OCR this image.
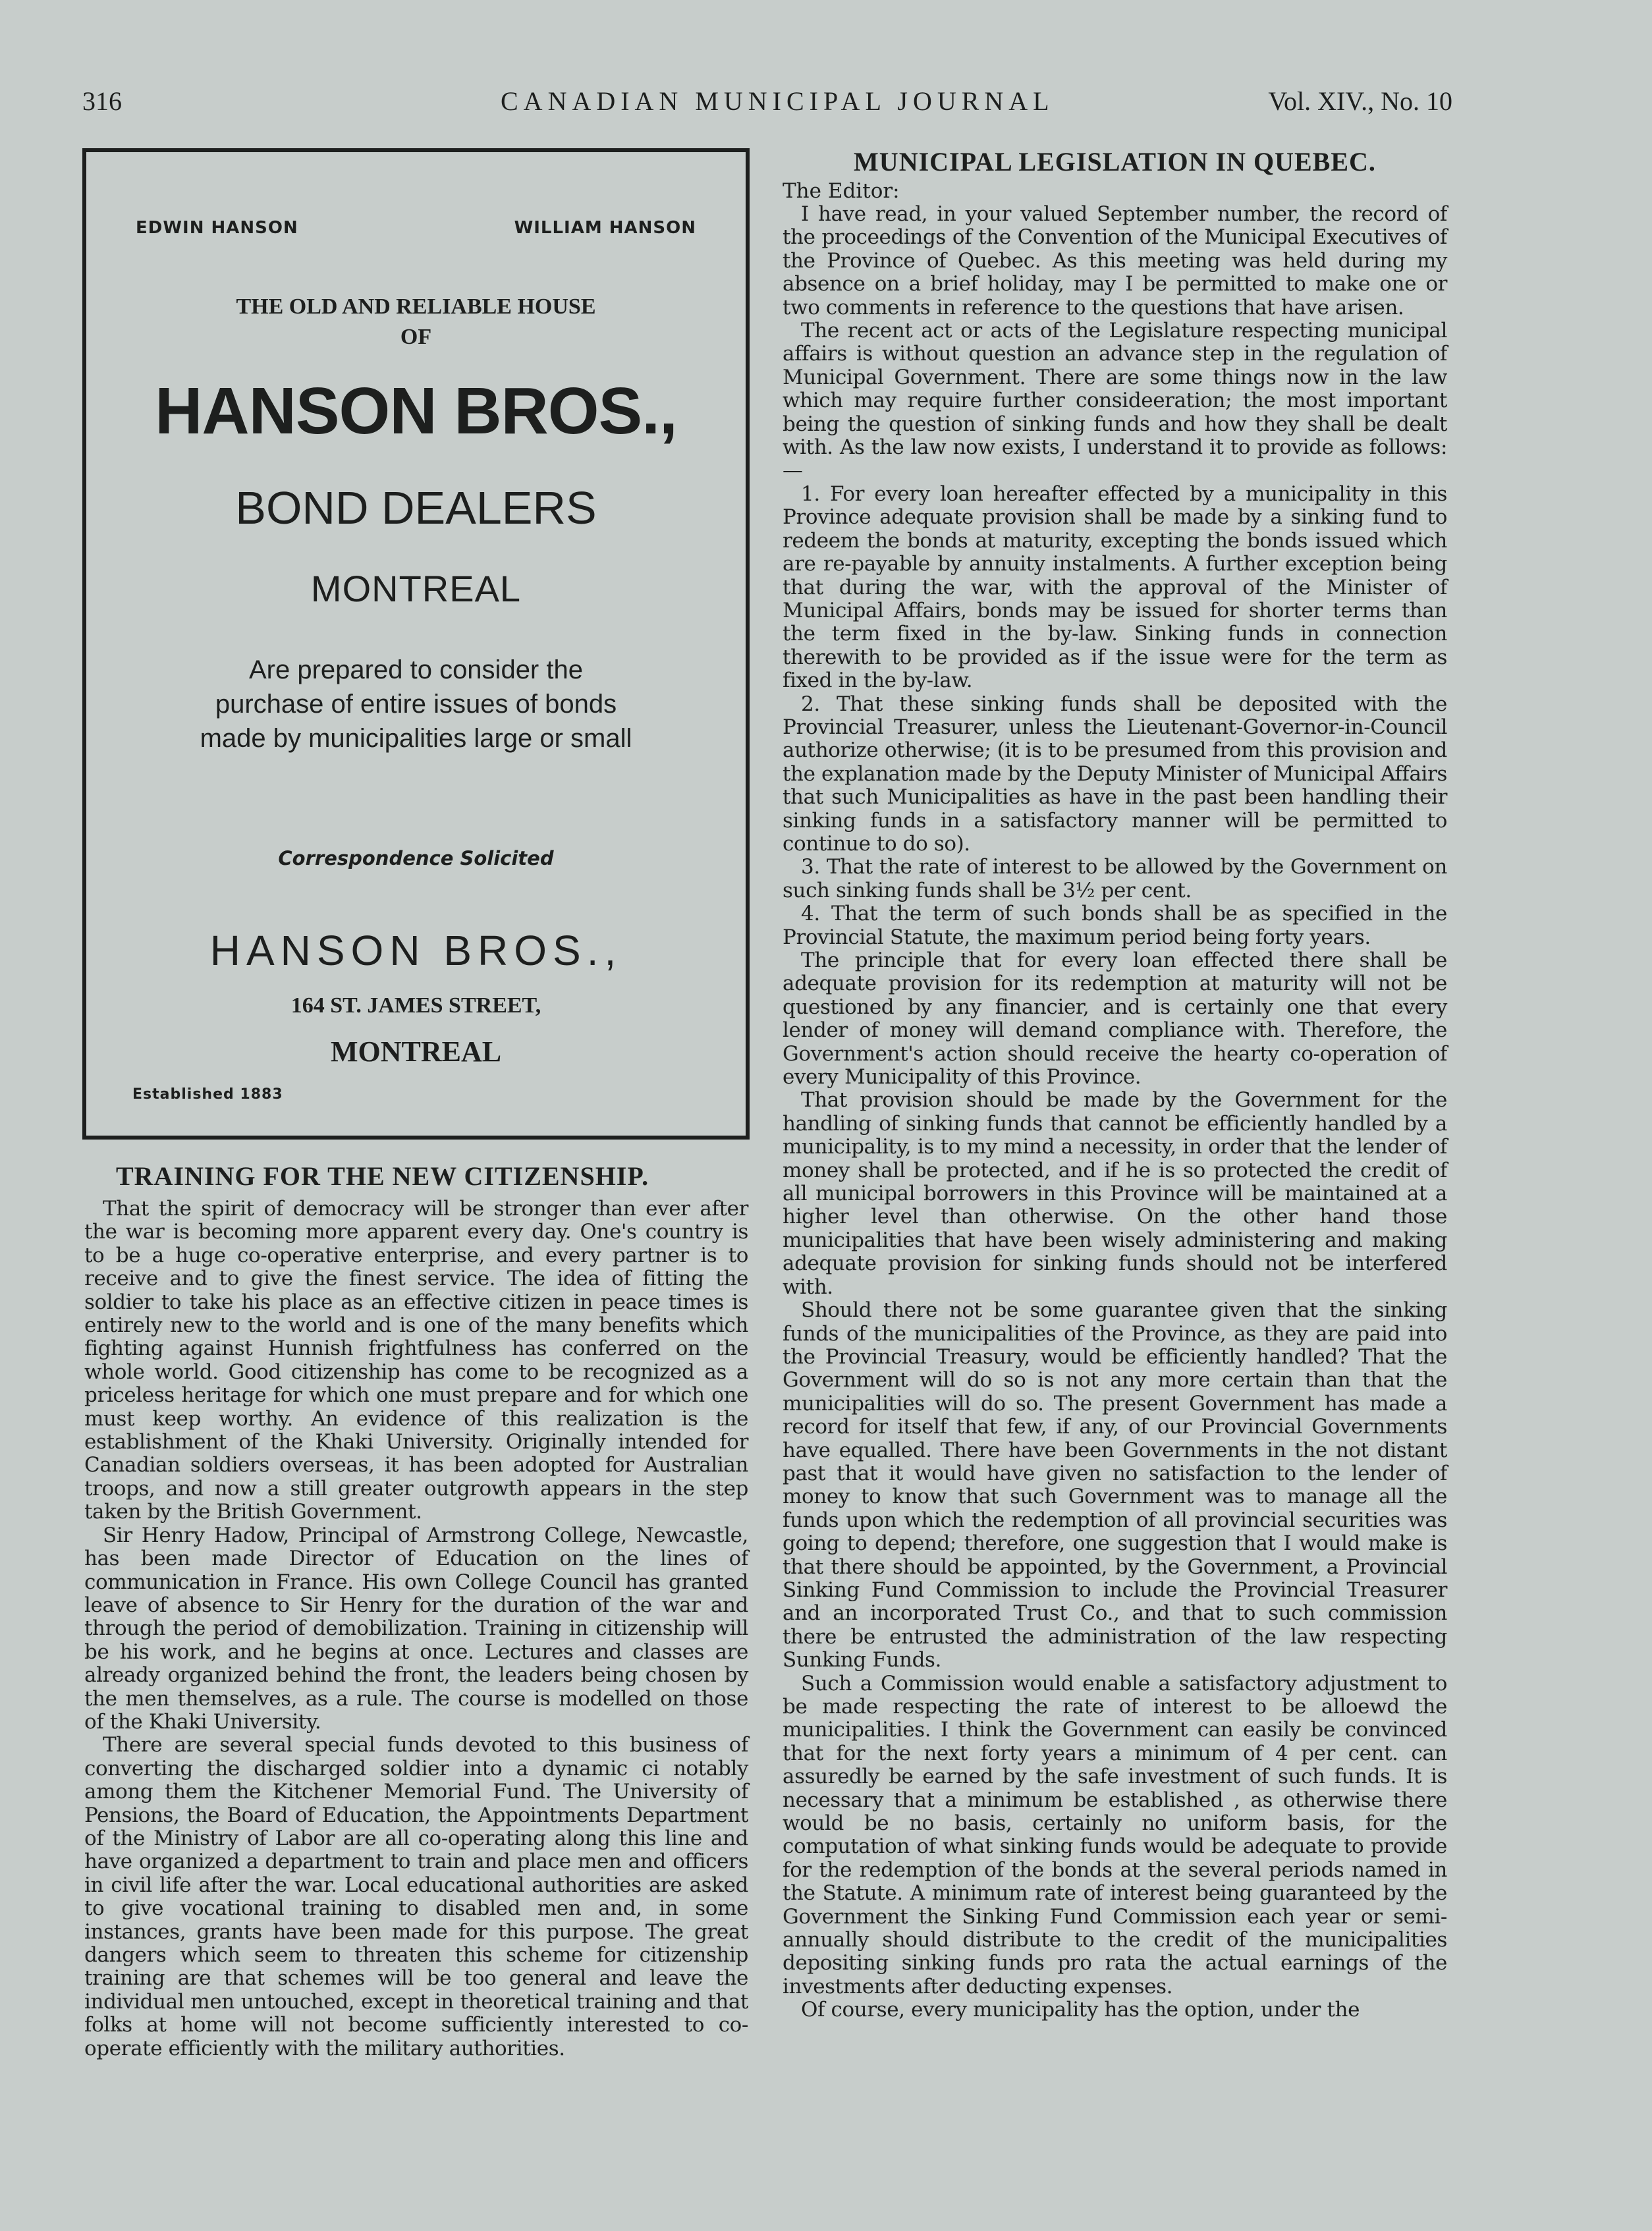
316	CANADIAN MUNICIPAL JOURNAL	Vol. XIV., No. 10
EDWIN HANSON	WILLIAM HANSON
THE OLD AND RELIABLE HOUSE
OF
HANSON BROS.,
BOND DEALERS
MONTREAL
Are prepared to consider the purchase of entire issues of bonds made by municipalities large or small
Correspondence Solicited
HANSON BROS.,
164 ST. JAMES STREET,
MONTREAL
Established 1883
TRAINING FOR THE NEW CITIZENSHIP.

That the spirit of democracy will be stronger than ever after the war is becoming more apparent every day. One's country is to be a huge co-operative enterprise, and every partner is to receive and to give the finest service. The idea of fitting the soldier to take his place as an effective citizen in peace times is entirely new to the world and is one of the many benefits which fighting against Hunnish frightfulness has conferred on the whole world. Good citizenship has come to be recognized as a priceless heritage for which one must prepare and for which one must keep worthy. An evidence of this realization is the establishment of the Khaki University. Originally intended for Canadian soldiers overseas, it has been adopted for Australian troops, and now a still greater outgrowth appears in the step taken by the British Government.

Sir Henry Hadow, Principal of Armstrong College, Newcastle, has been made Director of Education on the lines of communication in France. His own College Council has granted leave of absence to Sir Henry for the duration of the war and through the period of demobilization. Training in citizenship will be his work, and he begins at once. Lectures and classes are already organized behind the front, the leaders being chosen by the men themselves, as a rule. The course is modelled on those of the Khaki University.

There are several special funds devoted to this business of converting the discharged soldier into a dynamic ci notably among them the Kitchener Memorial Fund. The University of Pensions, the Board of Education, the Appointments Department of the Ministry of Labor are all co-operating along this line and have organized a department to train and place men and officers in civil life after the war. Local educational authorities are asked to give vocational training to disabled men and, in some instances, grants have been made for this purpose. The great dangers which seem to threaten this scheme for citizenship training are that schemes will be too general and leave the individual men untouched, except in theoretical training and that folks at home will not become sufficiently interested to co-operate efficiently with the military authorities.

MUNICIPAL LEGISLATION IN QUEBEC.

The Editor:

I have read, in your valued September number, the record of the proceedings of the Convention of the Municipal Executives of the Province of Quebec. As this meeting was held during my absence on a brief holiday, may I be permitted to make one or two comments in reference to the questions that have arisen.

The recent act or acts of the Legislature respecting municipal affairs is without question an advance step in the regulation of Municipal Government. There are some things now in the law which may require further consideeration; the most important being the question of sinking funds and how they shall be dealt with. As the law now exists, I understand it to provide as follows:—

1. For every loan hereafter effected by a municipality in this Province adequate provision shall be made by a sinking fund to redeem the bonds at maturity, excepting the bonds issued which are re-payable by annuity instalments. A further exception being that during the war, with the approval of the Minister of Municipal Affairs, bonds may be issued for shorter terms than the term fixed in the by-law. Sinking funds in connection therewith to be provided as if the issue were for the term as fixed in the by-law.

2. That these sinking funds shall be deposited with the Provincial Treasurer, unless the Lieutenant-Governor-in-Council authorize otherwise; (it is to be presumed from this provision and the explanation made by the Deputy Minister of Municipal Affairs that such Municipalities as have in the past been handling their sinking funds in a satisfactory manner will be permitted to continue to do so).

3. That the rate of interest to be allowed by the Government on such sinking funds shall be 3½ per cent.

4. That the term of such bonds shall be as specified in the Provincial Statute, the maximum period being forty years.

The principle that for every loan effected there shall be adequate provision for its redemption at maturity will not be questioned by any financier, and is certainly one that every lender of money will demand compliance with. Therefore, the Government's action should receive the hearty co-operation of every Municipality of this Province.

That provision should be made by the Government for the handling of sinking funds that cannot be efficiently handled by a municipality, is to my mind a necessity, in order that the lender of money shall be protected, and if he is so protected the credit of all municipal borrowers in this Province will be maintained at a higher level than otherwise. On the other hand those municipalities that have been wisely administering and making adequate provision for sinking funds should not be interfered with.

Should there not be some guarantee given that the sinking funds of the municipalities of the Province, as they are paid into the Provincial Treasury, would be efficiently handled? That the Government will do so is not any more certain than that the municipalities will do so. The present Government has made a record for itself that few, if any, of our Provincial Governments have equalled. There have been Governments in the not distant past that it would have given no satisfaction to the lender of money to know that such Government was to manage all the funds upon which the redemption of all provincial securities was going to depend; therefore, one suggestion that I would make is that there should be appointed, by the Government, a Provincial Sinking Fund Commission to include the Provincial Treasurer and an incorporated Trust Co., and that to such commission there be entrusted the administration of the law respecting Sunking Funds.

Such a Commission would enable a satisfactory adjustment to be made respecting the rate of interest to be alloewd the municipalities. I think the Government can easily be convinced that for the next forty years a minimum of 4 per cent. can assuredly be earned by the safe investment of such funds. It is necessary that a minimum be established , as otherwise there would be no basis, certainly no uniform basis, for the computation of what sinking funds would be adequate to provide for the redemption of the bonds at the several periods named in the Statute. A minimum rate of interest being guaranteed by the Government the Sinking Fund Commission each year or semi-annually should distribute to the credit of the municipalities depositing sinking funds pro rata the actual earnings of the investments after deducting expenses.

Of course, every municipality has the option, under the
